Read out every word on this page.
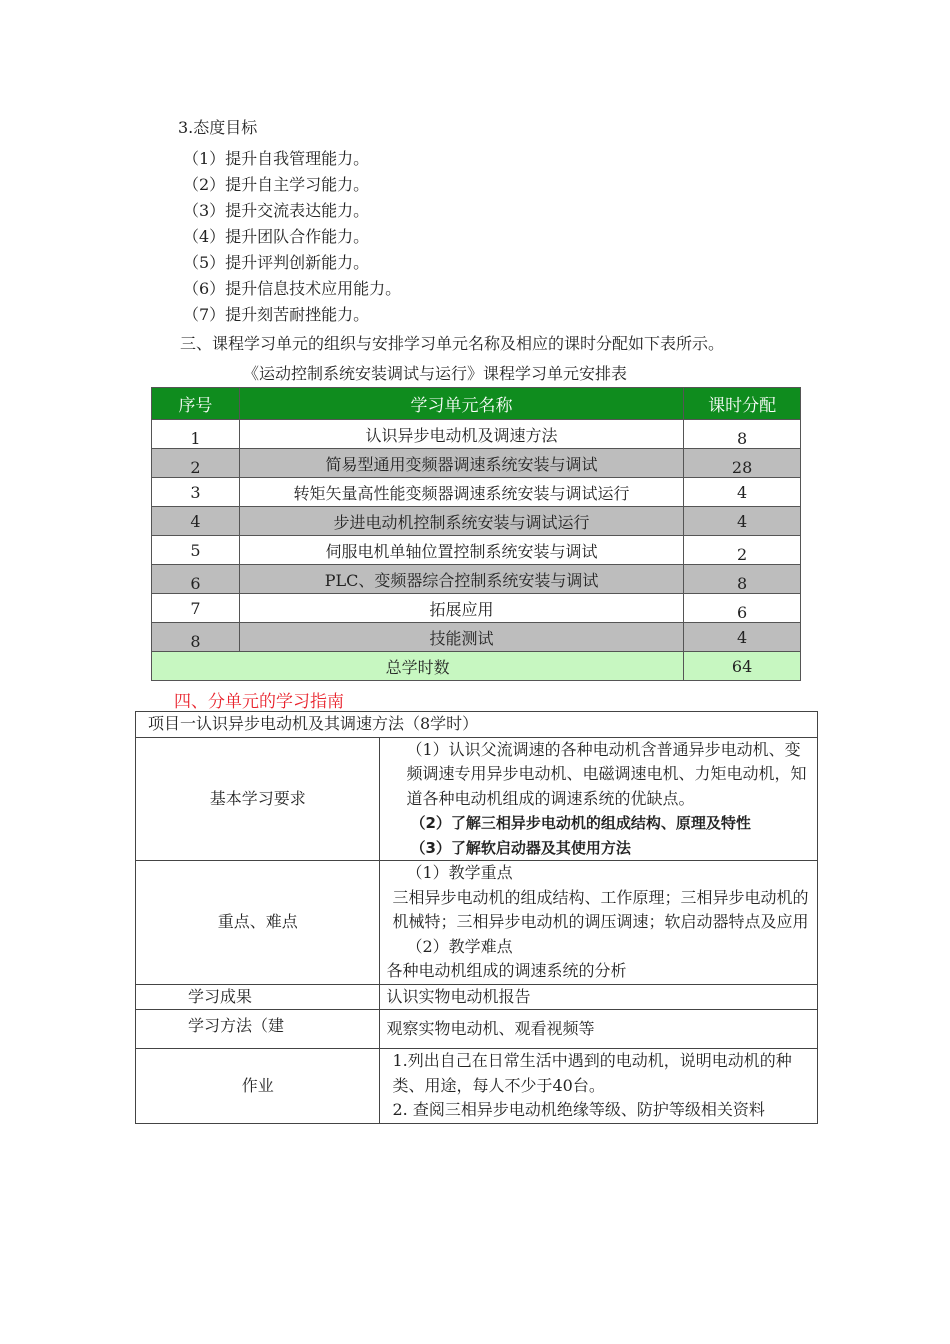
3.态度目标
（1）提升自我管理能力。
（2）提升自主学习能力。
（3）提升交流表达能力。
（4）提升团队合作能力。
（5）提升评判创新能力。
（6）提升信息技术应用能力。
（7）提升刻苦耐挫能力。
三、课程学习单元的组织与安排学习单元名称及相应的课时分配如下表所示。
《运动控制系统安装调试与运行》课程学习单元安排表
序号	学习单元名称	课时分配
1	认识异步电动机及调速方法	8
2	简易型通用变频器调速系统安装与调试	28
3	转矩矢量高性能变频器调速系统安装与调试运行	4
4	步进电动机控制系统安装与调试运行	4
5	伺服电机单轴位置控制系统安装与调试	2
6	PLC、变频器综合控制系统安装与调试	8
7	拓展应用	6
8	技能测试	4
总学时数		64
四、分单元的学习指南
项目一认识异步电动机及其调速方法（8学时）	
基本学习要求	（1）认识父流调速的各种电动机含普通异步电动机、变频调速专用异步电动机、电磁调速电机、力矩电动机，知道各种电动机组成的调速系统的优缺点。
（2）了解三相异步电动机的组成结构、原理及特性
（3）了解软启动器及其使用方法

重点、难点	（1）教学重点
三相异步电动机的组成结构、工作原理；三相异步电动机的机械特；三相异步电动机的调压调速；软启动器特点及应用
（2）教学难点
各种电动机组成的调速系统的分析

学习成果	认识实物电动机报告
学习方法（建	观察实物电动机、观看视频等
作业	1.列出自己在日常生活中遇到的电动机，说明电动机的种类、用途，每人不少于40台。
2. 查阅三相异步电动机绝缘等级、防护等级相关资料
